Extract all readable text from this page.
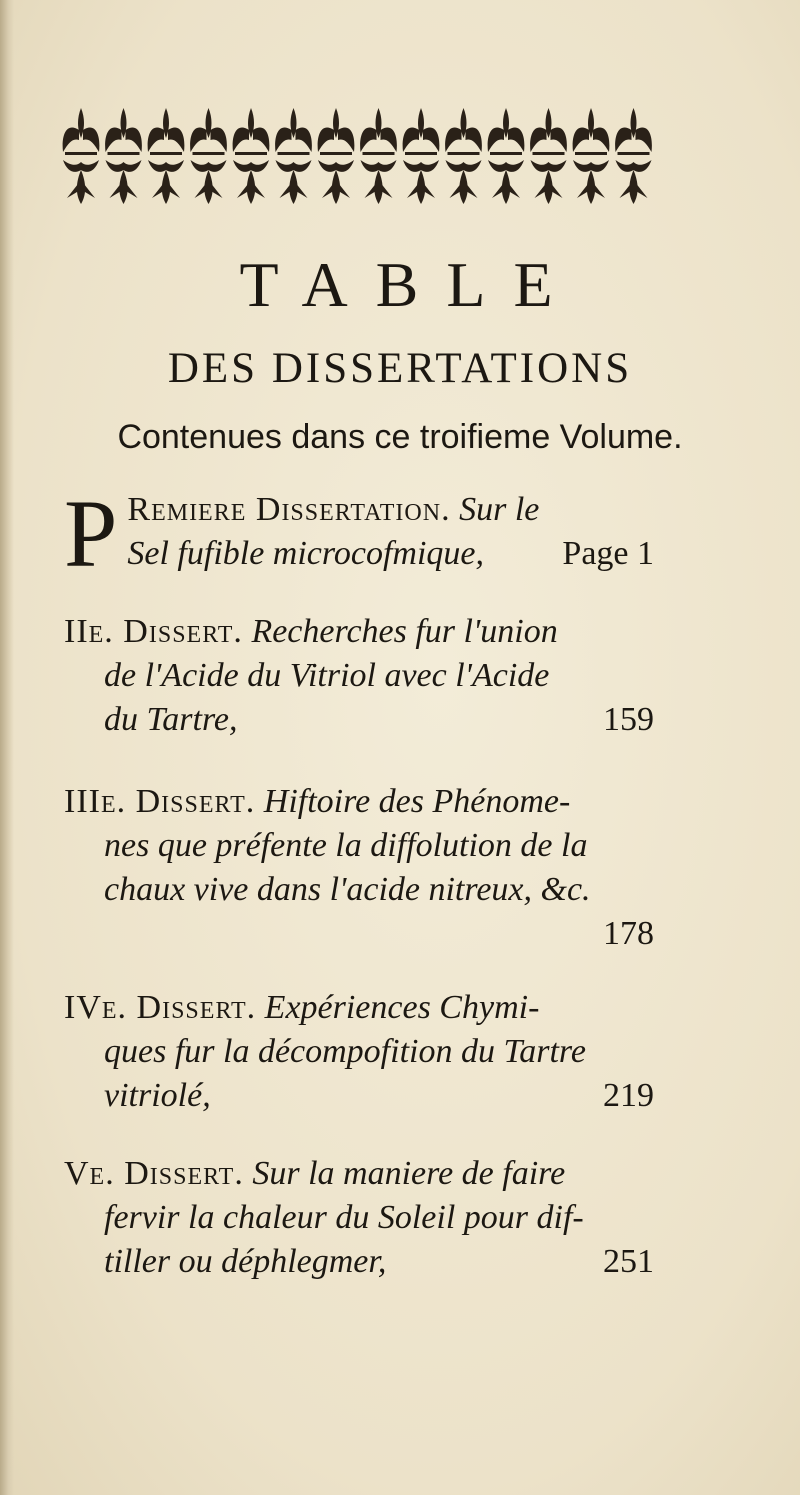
TABLE
DES DISSERTATIONS
Contenues dans ce troifieme Volume.
P Remiere Dissertation. Sur le
Sel fufible microcofmique, Page 1
IIe. Dissert. Recherches fur l'union
de l'Acide du Vitriol avec l'Acide
du Tartre,	159
IIIe. Dissert. Hiftoire des Phénome-
nes que préfente la diffolution de la
chaux vive dans l'acide nitreux, &c.
178
IVe. Dissert. Expériences Chymi-
ques fur la décompofition du Tartre
vitriolé,	219
Ve. Dissert. Sur la maniere de faire
fervir la chaleur du Soleil pour dif-
tiller ou déphlegmer,	251
